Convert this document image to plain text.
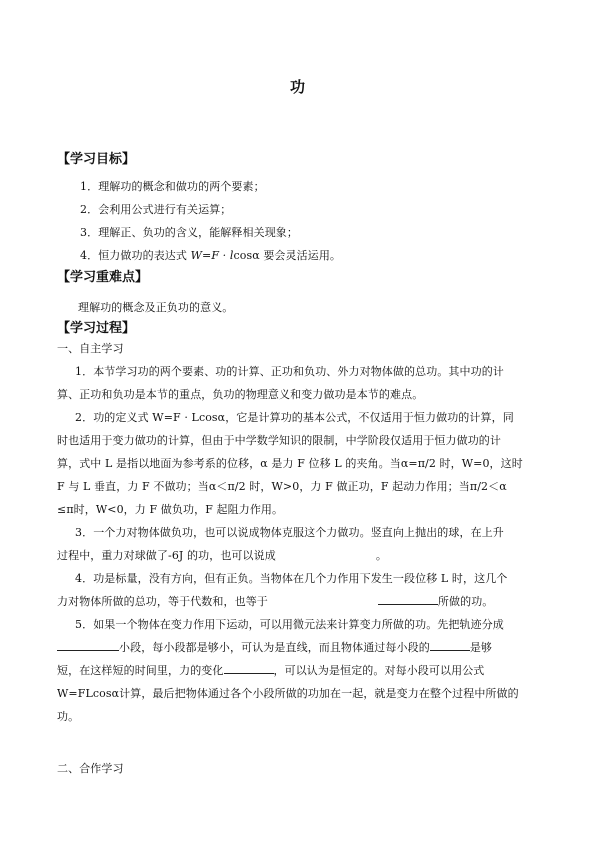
功
【学习目标】
1．理解功的概念和做功的两个要素；
2．会利用公式进行有关运算；
3．理解正、负功的含义，能解释相关现象；
4．恒力做功的表达式 W=F · lcosα 要会灵活运用。
【学习重难点】
理解功的概念及正负功的意义。
【学习过程】
一、自主学习
1．本节学习功的两个要素、功的计算、正功和负功、外力对物体做的总功。其中功的计
算、正功和负功是本节的重点，负功的物理意义和变力做功是本节的难点。
2．功的定义式 W=F · Lcosα，它是计算功的基本公式，不仅适用于恒力做功的计算，同
时也适用于变力做功的计算，但由于中学数学知识的限制，中学阶段仅适用于恒力做功的计
算，式中 L 是指以地面为参考系的位移，α 是力 F 位移 L 的夹角。当α=π/2 时，W=0，这时
F 与 L 垂直，力 F 不做功；当α＜π/2 时，W>0，力 F 做正功，F 起动力作用；当π/2＜α
≤π时，W<0，力 F 做负功，F 起阻力作用。
3．一个力对物体做负功，也可以说成物体克服这个力做功。竖直向上抛出的球，在上升
过程中，重力对球做了-6J 的功，也可以说成	。
4．功是标量，没有方向，但有正负。当物体在几个力作用下发生一段位移 L 时，这几个
力对物体所做的总功，等于代数和，也等于	所做的功。
5．如果一个物体在变力作用下运动，可以用微元法来计算变力所做的功。先把轨迹分成
小段，每小段都是够小，可认为是直线，而且物体通过每小段的	是够
短，在这样短的时间里，力的变化	，可以认为是恒定的。对每小段可以用公式
W=FLcosα计算，最后把物体通过各个小段所做的功加在一起，就是变力在整个过程中所做的
功。
二、合作学习
